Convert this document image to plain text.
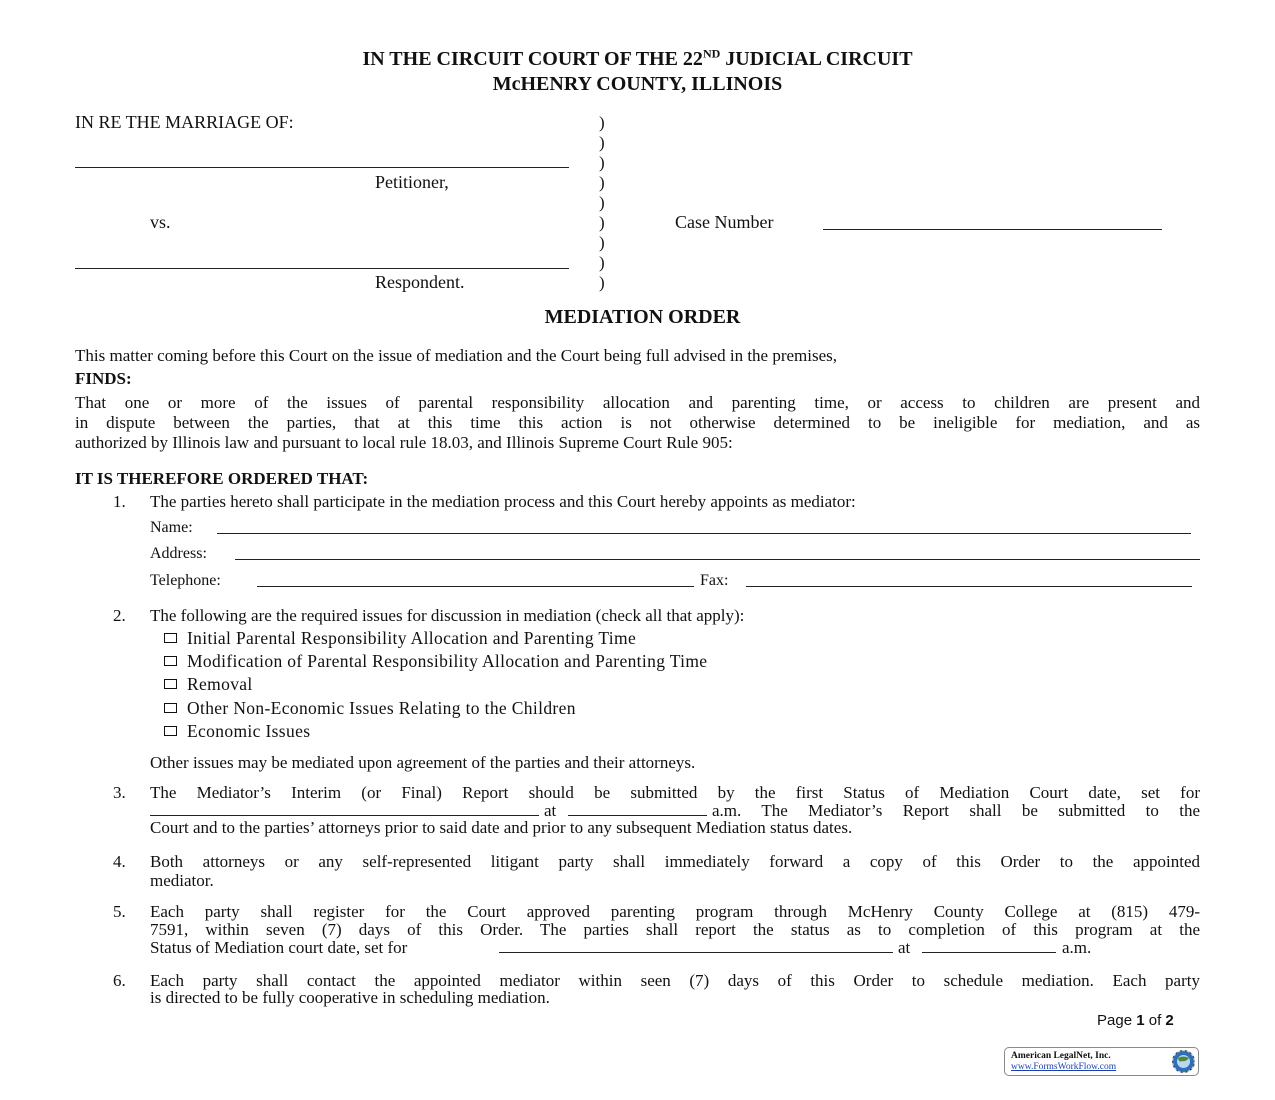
IN THE CIRCUIT COURT OF THE 22ND JUDICIAL CIRCUIT
McHENRY COUNTY, ILLINOIS
IN RE THE MARRIAGE OF:
Petitioner,
vs.
Respondent.
)
)
)
)
)
)
)
)
)
Case Number
MEDIATION ORDER
This matter coming before this Court on the issue of mediation and the Court being full advised in the premises,
FINDS:
That one or more of the issues of parental responsibility allocation and parenting time, or access to children are present and
in dispute between the parties, that at this time this action is not otherwise determined to be ineligible for mediation, and as
authorized by Illinois law and pursuant to local rule 18.03, and Illinois Supreme Court Rule 905:
IT IS THEREFORE ORDERED THAT:
1. The parties hereto shall participate in the mediation process and this Court hereby appoints as mediator:
Name:
Address:
Telephone:	Fax:
2. The following are the required issues for discussion in mediation (check all that apply):
Initial Parental Responsibility Allocation and Parenting Time
Modification of Parental Responsibility Allocation and Parenting Time
Removal
Other Non-Economic Issues Relating to the Children
Economic Issues
Other issues may be mediated upon agreement of the parties and their attorneys.
3. The Mediator’s Interim (or Final) Report should be submitted by the first Status of Mediation Court date, set for
at	a.m. The Mediator’s Report shall be submitted to the
Court and to the parties’ attorneys prior to said date and prior to any subsequent Mediation status dates.
4. Both attorneys or any self-represented litigant party shall immediately forward a copy of this Order to the appointed
mediator.
5. Each party shall register for the Court approved parenting program through McHenry County College at (815) 479-
7591, within seven (7) days of this Order. The parties shall report the status as to completion of this program at the
Status of Mediation court date, set for	at	a.m.
6. Each party shall contact the appointed mediator within seen (7) days of this Order to schedule mediation. Each party
is directed to be fully cooperative in scheduling mediation.
Page 1 of 2
American LegalNet, Inc.
www.FormsWorkFlow.com
